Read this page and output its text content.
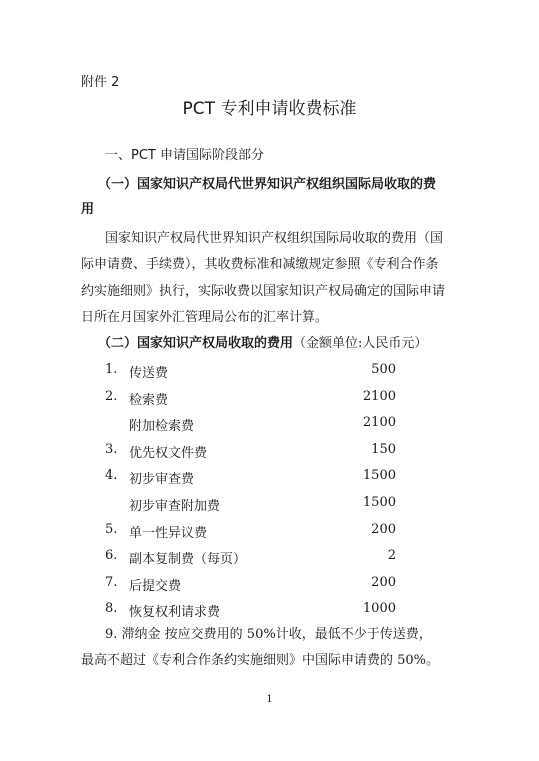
附件 2
PCT 专利申请收费标准
一、PCT 申请国际阶段部分
（一）国家知识产权局代世界知识产权组织国际局收取的费
用
国家知识产权局代世界知识产权组织国际局收取的费用（国
际申请费、手续费），其收费标准和减缴规定参照《专利合作条
约实施细则》执行，实际收费以国家知识产权局确定的国际申请
日所在月国家外汇管理局公布的汇率计算。
（二）国家知识产权局收取的费用（金额单位:人民币元）
1. 传送费	500
2. 检索费	2100
附加检索费	2100
3. 优先权文件费	150
4. 初步审查费	1500
初步审查附加费	1500
5. 单一性异议费	200
6. 副本复制费（每页）	2
7. 后提交费	200
8. 恢复权利请求费	1000
9. 滞纳金 按应交费用的 50%计收，最低不少于传送费，
最高不超过《专利合作条约实施细则》中国际申请费的 50%。
1
